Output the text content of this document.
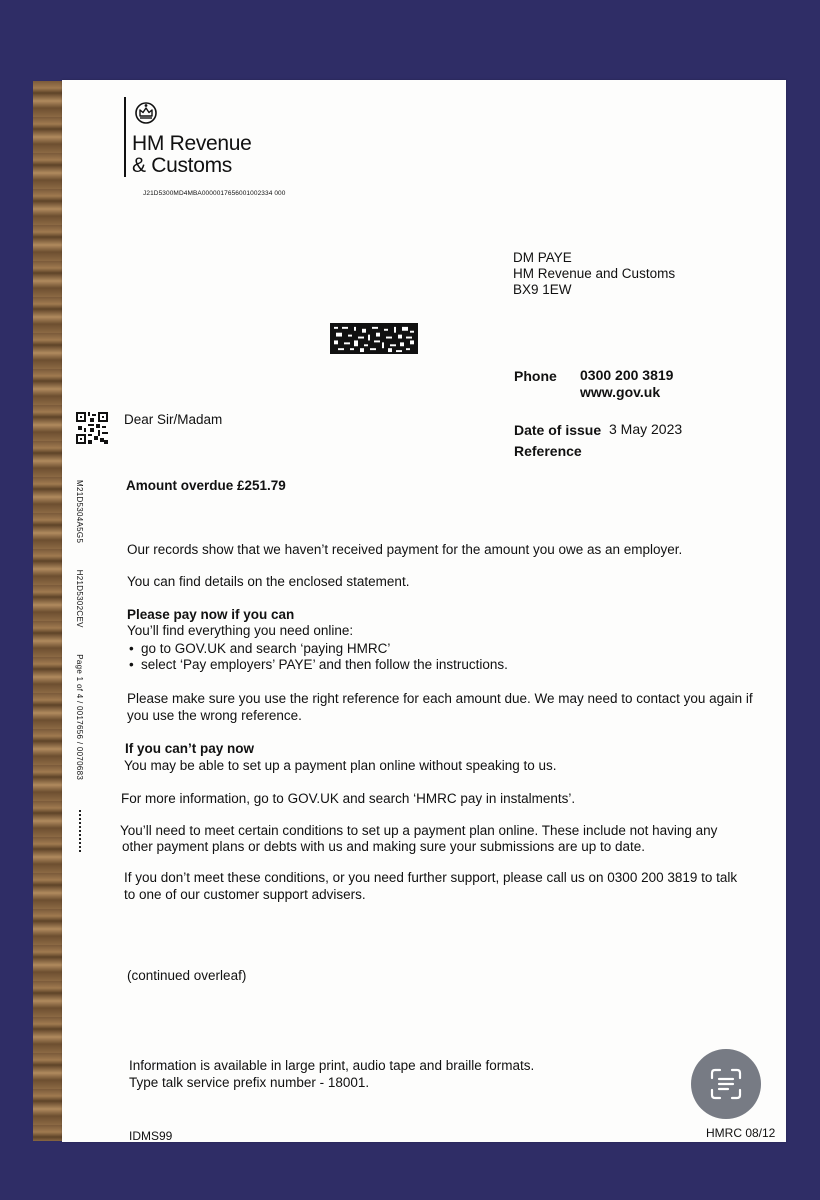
HM Revenue
& Customs
J21D5300MD4MBA00000176560010023‌34 000
DM PAYE
HM Revenue and Customs
BX9 1EW
Phone 0300 200 3819
www.gov.uk
Date of issue 3 May 2023
Reference
M21D5304A5G5 H21D5302CEV Page 1 of 4 / 0017656 / 0070683
Dear Sir/Madam
Amount overdue £251.79
Our records show that we haven’t received payment for the amount you owe as an employer.
You can find details on the enclosed statement.
Please pay now if you can
You’ll find everything you need online:
• go to GOV.UK and search ‘paying HMRC’
• select ‘Pay employers’ PAYE’ and then follow the instructions.
Please make sure you use the right reference for each amount due. We may need to contact you again if
you use the wrong reference.
If you can’t pay now
You may be able to set up a payment plan online without speaking to us.
For more information, go to GOV.UK and search ‘HMRC pay in instalments’.
You’ll need to meet certain conditions to set up a payment plan online. These include not having any
other payment plans or debts with us and making sure your submissions are up to date.
If you don’t meet these conditions, or you need further support, please call us on 0300 200 3819 to talk
to one of our customer support advisers.
(continued overleaf)
Information is available in large print, audio tape and braille formats.
Type talk service prefix number - 18001.
IDMS99	HMRC 08/12
